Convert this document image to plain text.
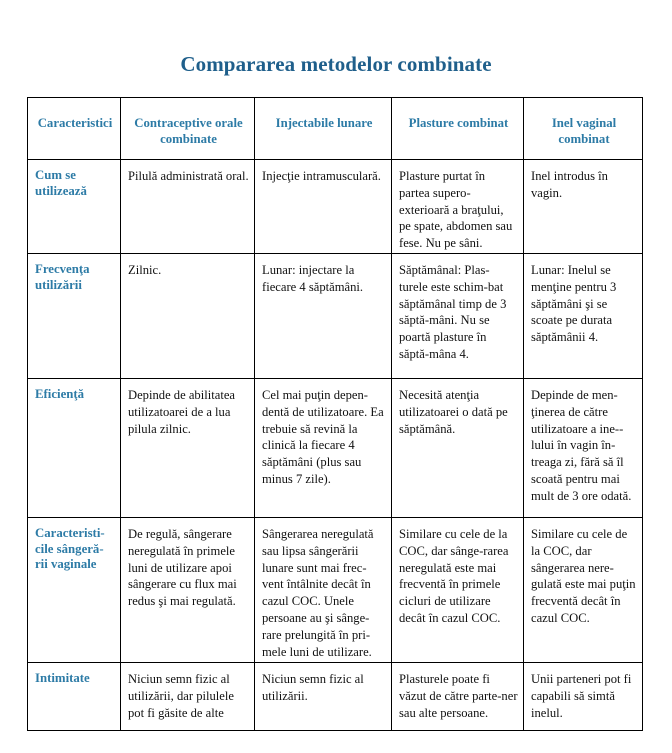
Compararea metodelor combinate
Caracteristici	Contraceptive orale combinate	Injectabile lunare	Plasture combinat	Inel vaginal combinat
Cum se utilizează	Pilulă administrată oral.	Injecţie intramusculară.	Plasture purtat în partea supero-exterioară a braţului, pe spate, abdomen sau fese. Nu pe sâni.	Inel introdus în vagin.
Frecvenţa utilizării	Zilnic.	Lunar: injectare la fiecare 4 săptămâni.	Săptămânal: Plas-turele este schim-bat săptămânal timp de 3 săptă-mâni. Nu se poartă plasture în săptă-mâna 4.	Lunar: Inelul se menţine pentru 3 săptămâni şi se scoate pe durata săptămânii 4.
Eficienţă	Depinde de abilitatea utilizatoarei de a lua pilula zilnic.	Cel mai puţin depen-dentă de utilizatoare. Ea trebuie să revină la clinică la fiecare 4 săptămâni (plus sau minus 7 zile).	Necesită atenţia utilizatoarei o dată pe săptămână.	Depinde de men-ţinerea de către utilizatoare a ine--lului în vagin în-treaga zi, fără să îl scoată pentru mai mult de 3 ore odată.
Caracteristi-cile sângeră-rii vaginale	De regulă, sângerare neregulată în primele luni de utilizare apoi sângerare cu flux mai redus şi mai regulată.	Sângerarea neregulată sau lipsa sângerării lunare sunt mai frec-vent întâlnite decât în cazul COC. Unele persoane au şi sânge-rare prelungită în pri-mele luni de utilizare.	Similare cu cele de la COC, dar sânge-rarea neregulată este mai frecventă în primele cicluri de utilizare decât în cazul COC.	Similare cu cele de la COC, dar sângerarea nere-gulată este mai puţin frecventă decât în cazul COC.
Intimitate	Niciun semn fizic al utilizării, dar pilulele pot fi găsite de alte	Niciun semn fizic al utilizării.	Plasturele poate fi văzut de către parte-ner sau alte persoane.	Unii parteneri pot fi capabili să simtă inelul.
